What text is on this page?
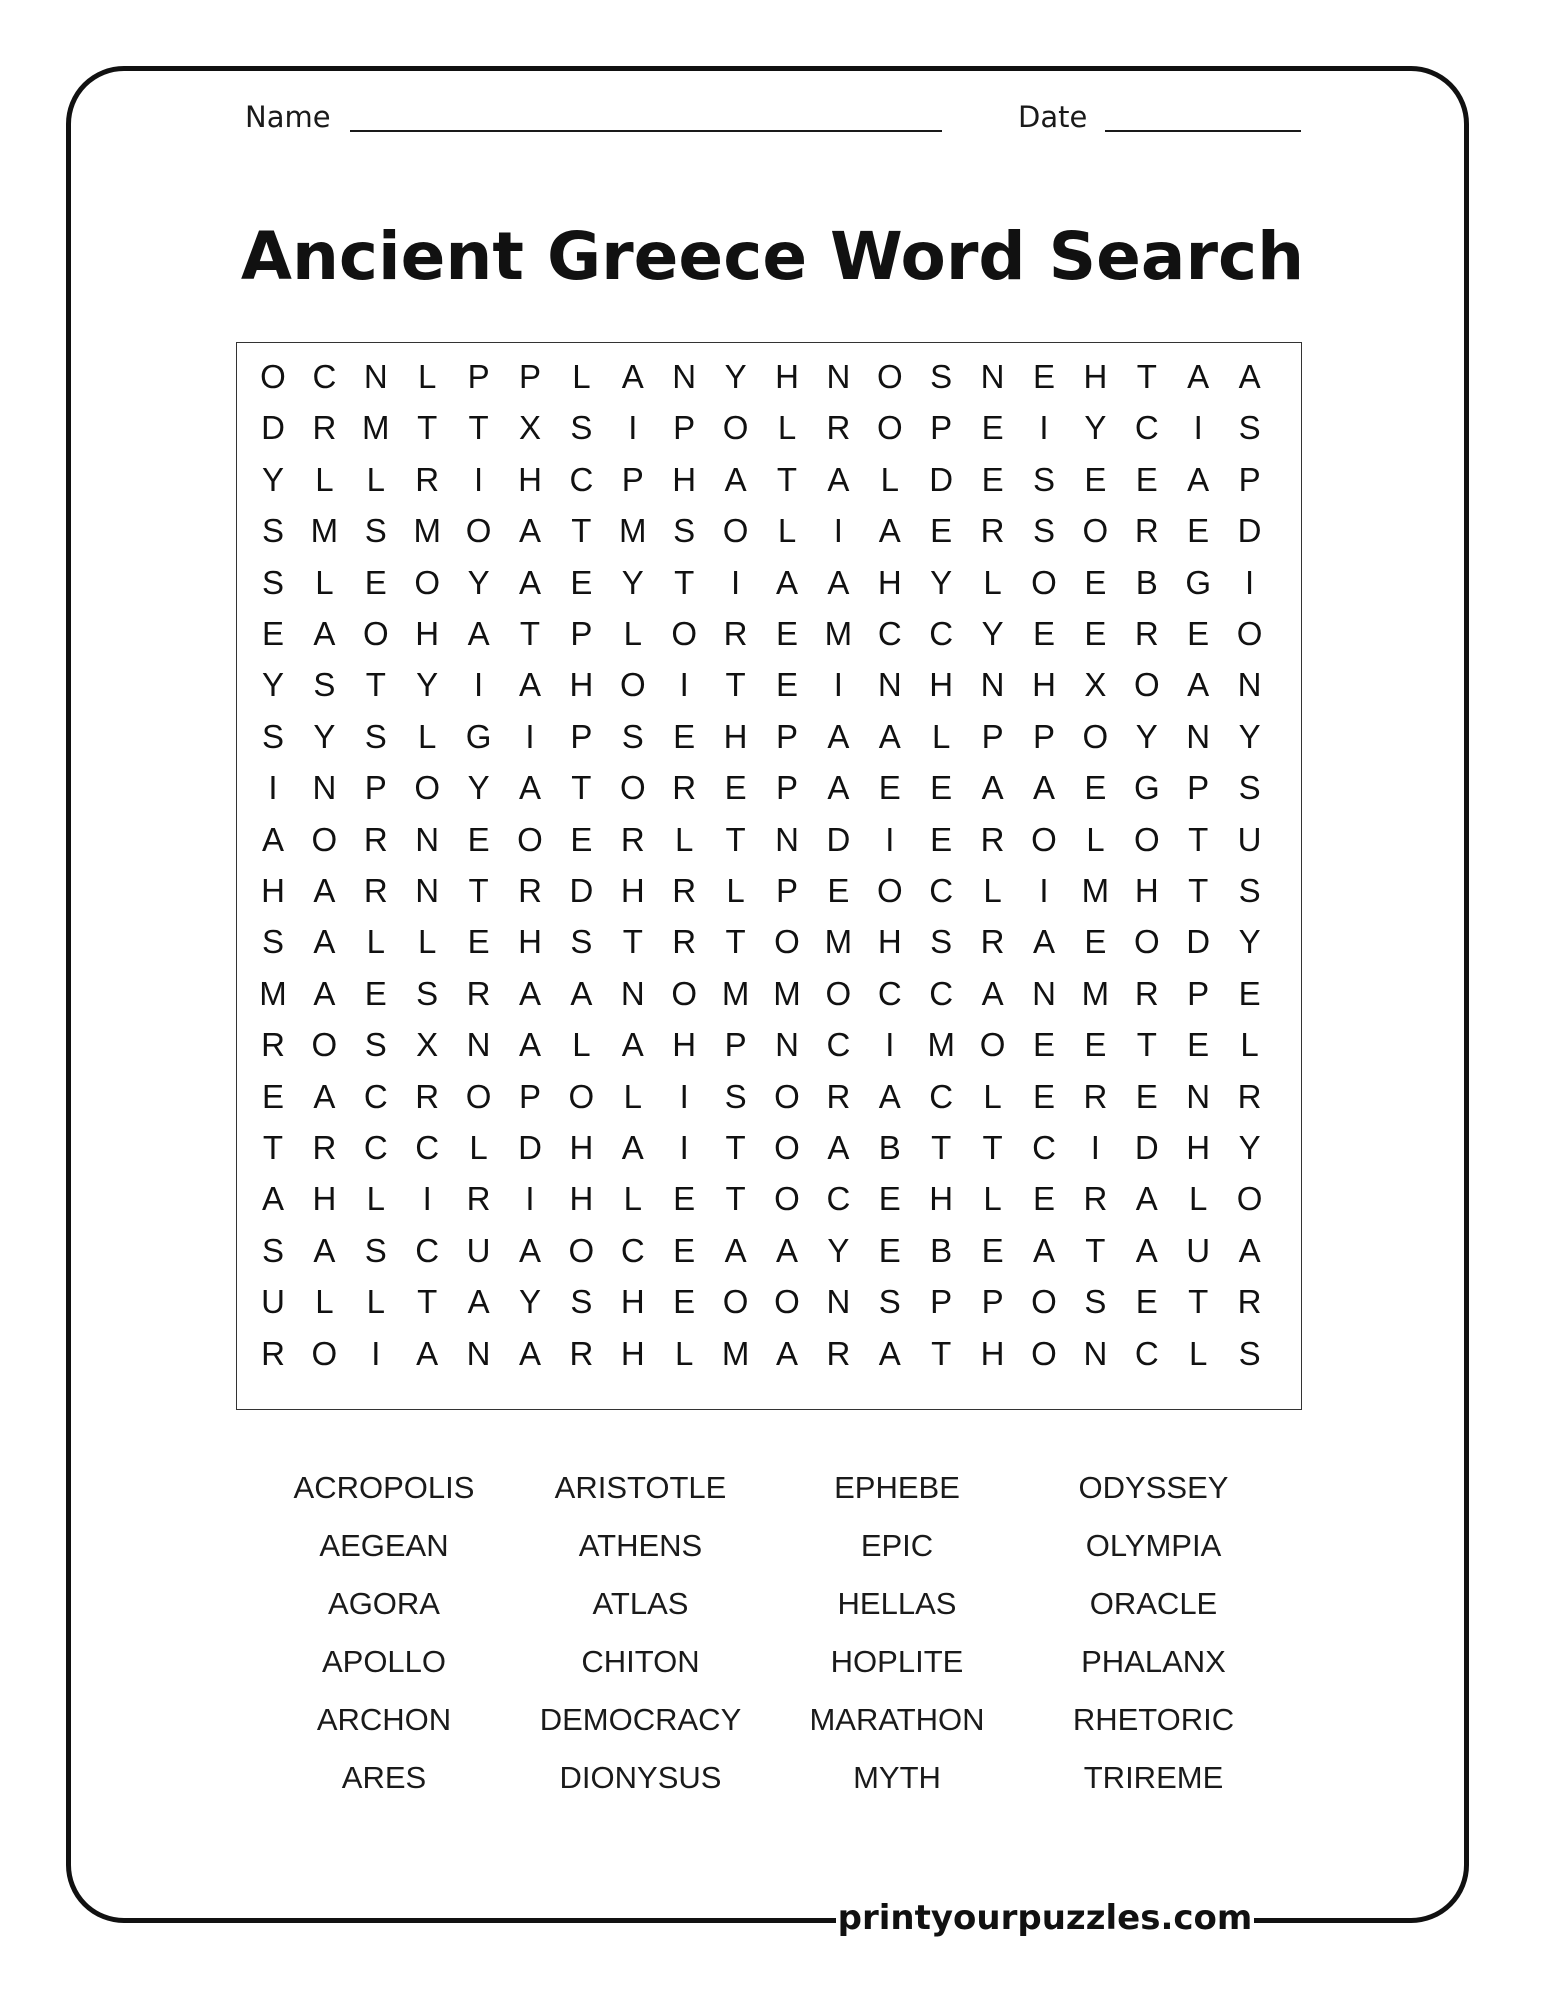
Name	Date
Ancient Greece Word Search
O C N L P P L A N Y H N O S N E H T A A
D R M T T X S	I	P O L R O P E	I	Y C	I	S
Y L	L R	I	H C P H A T A L D E S E E A P
S M S M O A T M S O L	I	A E R S O R E D
S L E O Y A E Y T	I	A A H Y L O E B G	I
E A O H A T P L O R E M C C Y E E R E O
Y S T Y	I	A H O	I	T E	I	N H N H X O A N
S Y S L G	I	P S E H P A A L P P O Y N Y
I	N P O Y A T O R E P A E E A A E G P S
A O R N E O E R L T N D	I	E R O L O T U
H A R N T R D H R L P E O C L	I	M H T S
S A L	L E H S T R T O M H S R A E O D Y
M A E S R A A N O M M O C C A N M R P E
R O S X N A L A H P N C	I	M O E E T E L
E A C R O P O L	I	S O R A C L E R E N R
T R C C L D H A	I	T O A B T T C	I	D H Y
A H L	I	R	I	H L E T O C E H L E R A L O
S A S C U A O C E A A Y E B E A T A U A
U L	L T A Y S H E O O N S P P O S E T R
R O	I	A N A R H L M A R A T H O N C L S
ACROPOLIS	ARISTOTLE	EPHEBE	ODYSSEY
AEGEAN	ATHENS	EPIC	OLYMPIA
AGORA	ATLAS	HELLAS	ORACLE
APOLLO	CHITON	HOPLITE	PHALANX
ARCHON	DEMOCRACY	MARATHON	RHETORIC
ARES	DIONYSUS	MYTH	TRIREME
printyourpuzzles.com
